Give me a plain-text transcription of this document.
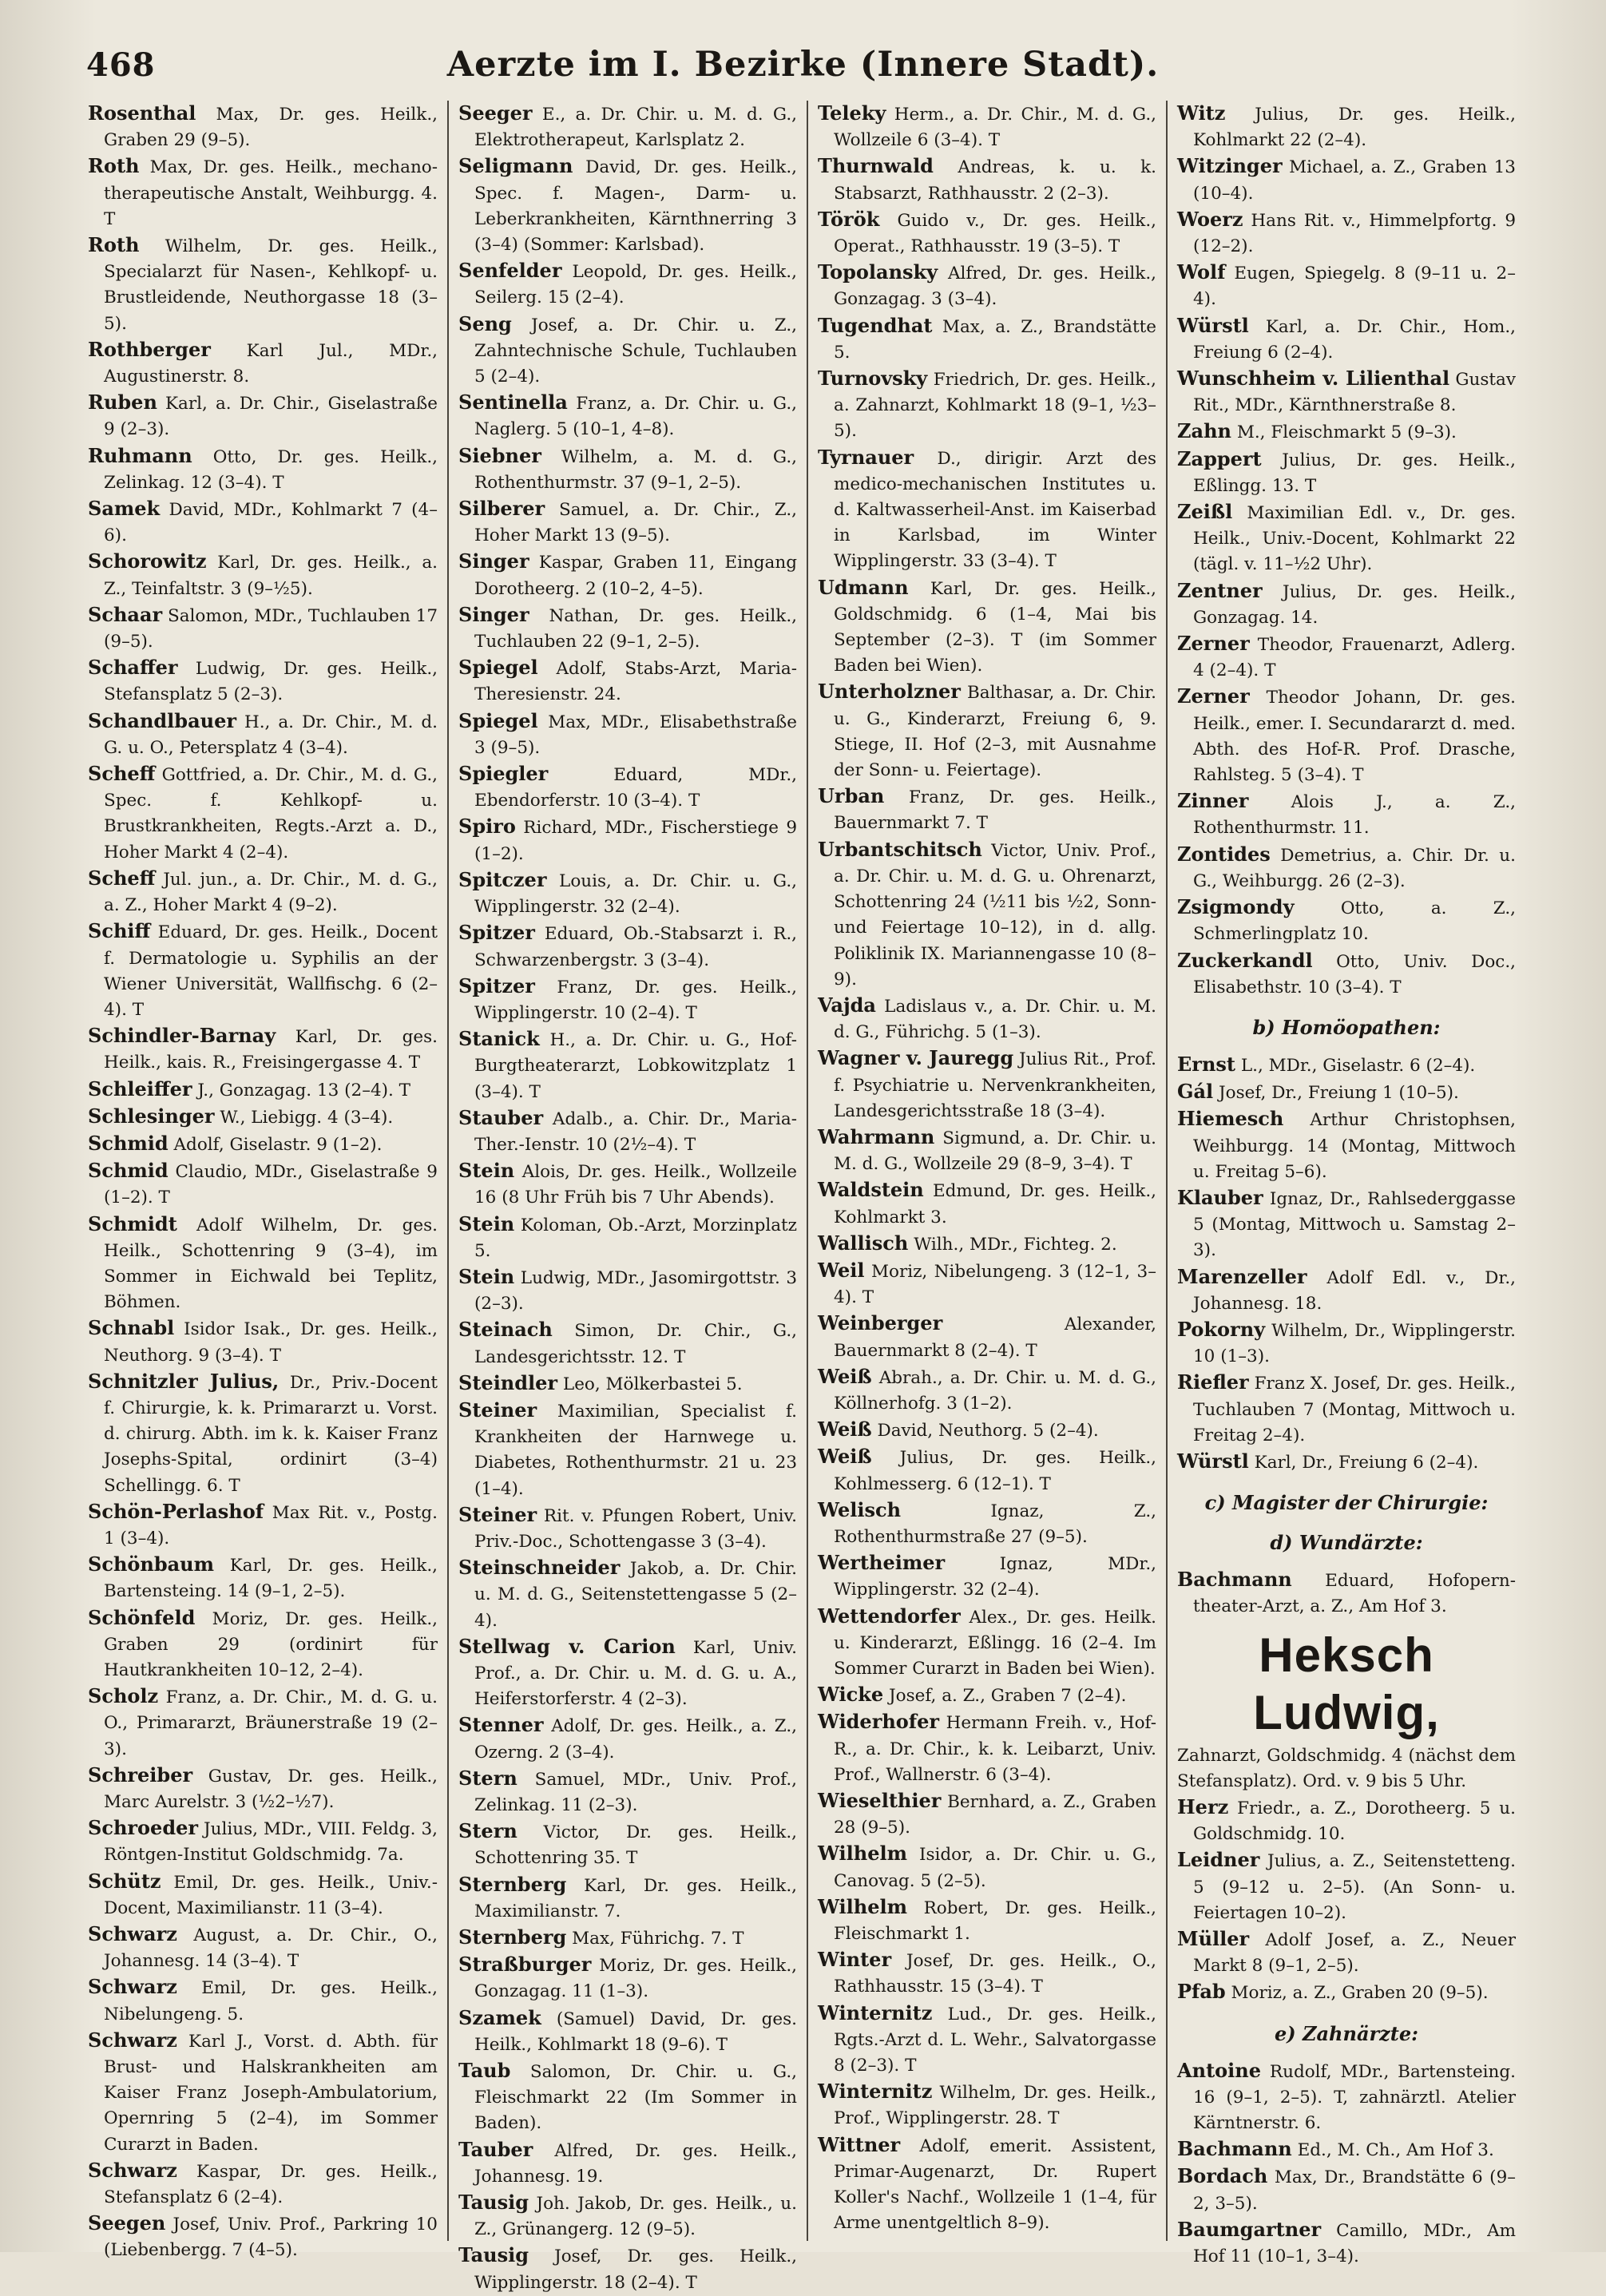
468	Aerzte im I. Bezirke (Innere Stadt).

Rosenthal Max, Dr. ges. Heilk., Graben 29 (9–5).

Roth Max, Dr. ges. Heilk., mechano-therapeutische Anstalt, Weihburgg. 4. T

Roth Wilhelm, Dr. ges. Heilk., Specialarzt für Nasen-, Kehlkopf- u. Brustleidende, Neuthorgasse 18 (3–5).

Rothberger Karl Jul., MDr., Augustinerstr. 8.

Ruben Karl, a. Dr. Chir., Giselastraße 9 (2–3).

Ruhmann Otto, Dr. ges. Heilk., Zelinkag. 12 (3–4). T

Samek David, MDr., Kohlmarkt 7 (4–6).

Schorowitz Karl, Dr. ges. Heilk., a. Z., Teinfaltstr. 3 (9–½5).

Schaar Salomon, MDr., Tuchlauben 17 (9–5).

Schaffer Ludwig, Dr. ges. Heilk., Stefansplatz 5 (2–3).

Schandlbauer H., a. Dr. Chir., M. d. G. u. O., Petersplatz 4 (3–4).

Scheff Gottfried, a. Dr. Chir., M. d. G., Spec. f. Kehlkopf- u. Brustkrankheiten, Regts.-Arzt a. D., Hoher Markt 4 (2–4).

Scheff Jul. jun., a. Dr. Chir., M. d. G., a. Z., Hoher Markt 4 (9–2).

Schiff Eduard, Dr. ges. Heilk., Docent f. Dermatologie u. Syphilis an der Wiener Universität, Wallfischg. 6 (2–4). T

Schindler-Barnay Karl, Dr. ges. Heilk., kais. R., Freisingergasse 4. T

Schleiffer J., Gonzagag. 13 (2–4). T

Schlesinger W., Liebigg. 4 (3–4).

Schmid Adolf, Giselastr. 9 (1–2).

Schmid Claudio, MDr., Giselastraße 9 (1–2). T

Schmidt Adolf Wilhelm, Dr. ges. Heilk., Schottenring 9 (3–4), im Sommer in Eichwald bei Teplitz, Böhmen.

Schnabl Isidor Isak., Dr. ges. Heilk., Neuthorg. 9 (3–4). T

Schnitzler Julius, Dr., Priv.-Docent f. Chirurgie, k. k. Primararzt u. Vorst. d. chirurg. Abth. im k. k. Kaiser Franz Josephs-Spital, ordinirt (3–4) Schellingg. 6. T

Schön-Perlashof Max Rit. v., Postg. 1 (3–4).

Schönbaum Karl, Dr. ges. Heilk., Bartensteing. 14 (9–1, 2–5).

Schönfeld Moriz, Dr. ges. Heilk., Graben 29 (ordinirt für Hautkrankheiten 10–12, 2–4).

Scholz Franz, a. Dr. Chir., M. d. G. u. O., Primararzt, Bräunerstraße 19 (2–3).

Schreiber Gustav, Dr. ges. Heilk., Marc Aurelstr. 3 (½2–½7).

Schroeder Julius, MDr., VIII. Feldg. 3, Röntgen-Institut Goldschmidg. 7a.

Schütz Emil, Dr. ges. Heilk., Univ.-Docent, Maximilianstr. 11 (3–4).

Schwarz August, a. Dr. Chir., O., Johannesg. 14 (3–4). T

Schwarz Emil, Dr. ges. Heilk., Nibelungeng. 5.

Schwarz Karl J., Vorst. d. Abth. für Brust- und Halskrankheiten am Kaiser Franz Joseph-Ambulatorium, Opernring 5 (2–4), im Sommer Curarzt in Baden.

Schwarz Kaspar, Dr. ges. Heilk., Stefansplatz 6 (2–4).

Seegen Josef, Univ. Prof., Parkring 10 (Liebenbergg. 7 (4–5).

Seeger E., a. Dr. Chir. u. M. d. G., Elektrotherapeut, Karlsplatz 2.

Seligmann David, Dr. ges. Heilk., Spec. f. Magen-, Darm- u. Leberkrankheiten, Kärnthnerring 3 (3–4) (Sommer: Karlsbad).

Senfelder Leopold, Dr. ges. Heilk., Seilerg. 15 (2–4).

Seng Josef, a. Dr. Chir. u. Z., Zahntechnische Schule, Tuchlauben 5 (2–4).

Sentinella Franz, a. Dr. Chir. u. G., Naglerg. 5 (10–1, 4–8).

Siebner Wilhelm, a. M. d. G., Rothenthurmstr. 37 (9–1, 2–5).

Silberer Samuel, a. Dr. Chir., Z., Hoher Markt 13 (9–5).

Singer Kaspar, Graben 11, Eingang Dorotheerg. 2 (10–2, 4–5).

Singer Nathan, Dr. ges. Heilk., Tuchlauben 22 (9–1, 2–5).

Spiegel Adolf, Stabs-Arzt, Maria-Theresienstr. 24.

Spiegel Max, MDr., Elisabethstraße 3 (9–5).

Spiegler	Eduard, MDr., Ebendorferstr. 10 (3–4). T

Spiro Richard, MDr., Fischerstiege 9 (1–2).

Spitczer Louis, a. Dr. Chir. u. G., Wipplingerstr. 32 (2–4).

Spitzer Eduard, Ob.-Stabsarzt i. R., Schwarzenbergstr. 3 (3–4).

Spitzer Franz, Dr. ges. Heilk., Wipplingerstr. 10 (2–4). T

Stanick H., a. Dr. Chir. u. G., Hof-Burgtheaterarzt, Lobkowitzplatz 1 (3–4). T

Stauber Adalb., a. Chir. Dr., Maria-Ther.-Ienstr. 10 (2½–4). T

Stein Alois, Dr. ges. Heilk., Wollzeile 16 (8 Uhr Früh bis 7 Uhr Abends).

Stein Koloman, Ob.-Arzt, Morzinplatz 5.

Stein Ludwig, MDr., Jasomirgottstr. 3 (2–3).

Steinach Simon, Dr. Chir., G., Landesgerichtsstr. 12. T

Steindler Leo, Mölkerbastei 5.

Steiner Maximilian, Specialist f. Krankheiten der Harnwege u. Diabetes, Rothenthurmstr. 21 u. 23 (1–4).

Steiner Rit. v. Pfungen Robert, Univ. Priv.-Doc., Schottengasse 3 (3–4).

Steinschneider Jakob, a. Dr. Chir. u. M. d. G., Seitenstettengasse 5 (2–4).

Stellwag v. Carion Karl, Univ. Prof., a. Dr. Chir. u. M. d. G. u. A., Heiferstorferstr. 4 (2–3).

Stenner Adolf, Dr. ges. Heilk., a. Z., Ozerng. 2 (3–4).

Stern Samuel, MDr., Univ. Prof., Zelinkag. 11 (2–3).

Stern Victor, Dr. ges. Heilk., Schottenring 35. T

Sternberg Karl, Dr. ges. Heilk., Maximilianstr. 7.

Sternberg Max, Führichg. 7. T

Straßburger Moriz, Dr. ges. Heilk., Gonzagag. 11 (1–3).

Szamek (Samuel) David, Dr. ges. Heilk., Kohlmarkt 18 (9–6). T

Taub Salomon, Dr. Chir. u. G., Fleischmarkt 22 (Im Sommer in Baden).

Tauber Alfred, Dr. ges. Heilk., Johannesg. 19.

Tausig Joh. Jakob, Dr. ges. Heilk., u. Z., Grünangerg. 12 (9–5).

Tausig Josef, Dr. ges. Heilk., Wipplingerstr. 18 (2–4). T

Teleky Herm., a. Dr. Chir., M. d. G., Wollzeile 6 (3–4). T

Thurnwald Andreas, k. u. k. Stabsarzt, Rathhausstr. 2 (2–3).

Török Guido v., Dr. ges. Heilk., Operat., Rathhausstr. 19 (3–5). T

Topolansky Alfred, Dr. ges. Heilk., Gonzagag. 3 (3–4).

Tugendhat Max, a. Z., Brandstätte 5.

Turnovsky Friedrich, Dr. ges. Heilk., a. Zahnarzt, Kohlmarkt 18 (9–1, ½3–5).

Tyrnauer D., dirigir. Arzt des medico-mechanischen Institutes u. d. Kaltwasserheil-Anst. im Kaiserbad in Karlsbad, im Winter Wipplingerstr. 33 (3–4). T

Udmann Karl, Dr. ges. Heilk., Goldschmidg. 6 (1–4, Mai bis September (2–3). T (im Sommer Baden bei Wien).

Unterholzner Balthasar, a. Dr. Chir. u. G., Kinderarzt, Freiung 6, 9. Stiege, II. Hof (2–3, mit Ausnahme der Sonn- u. Feiertage).

Urban Franz, Dr. ges. Heilk., Bauernmarkt 7. T

Urbantschitsch Victor, Univ. Prof., a. Dr. Chir. u. M. d. G. u. Ohrenarzt, Schottenring 24 (½11 bis ½2, Sonn- und Feiertage 10–12), in d. allg. Poliklinik IX. Mariannengasse 10 (8–9).

Vajda Ladislaus v., a. Dr. Chir. u. M. d. G., Führichg. 5 (1–3).

Wagner v. Jauregg Julius Rit., Prof. f. Psychiatrie u. Nervenkrankheiten, Landesgerichtsstraße 18 (3–4).

Wahrmann Sigmund, a. Dr. Chir. u. M. d. G., Wollzeile 29 (8–9, 3–4). T

Waldstein Edmund, Dr. ges. Heilk., Kohlmarkt 3.

Wallisch Wilh., MDr., Fichteg. 2.

Weil Moriz, Nibelungeng. 3 (12–1, 3–4). T

Weinberger	Alexander, Bauernmarkt 8 (2–4). T

Weiß Abrah., a. Dr. Chir. u. M. d. G., Köllnerhofg. 3 (1–2).

Weiß David, Neuthorg. 5 (2–4).

Weiß Julius, Dr. ges. Heilk., Kohlmesserg. 6 (12–1). T

Welisch	Ignaz, Z., Rothenthurmstraße 27 (9–5).

Wertheimer	Ignaz, MDr., Wipplingerstr. 32 (2–4).

Wettendorfer Alex., Dr. ges. Heilk. u. Kinderarzt, Eßlingg. 16 (2–4. Im Sommer Curarzt in Baden bei Wien).

Wicke Josef, a. Z., Graben 7 (2–4).

Widerhofer Hermann Freih. v., Hof-R., a. Dr. Chir., k. k. Leibarzt, Univ. Prof., Wallnerstr. 6 (3–4).

Wieselthier Bernhard, a. Z., Graben 28 (9–5).

Wilhelm Isidor, a. Dr. Chir. u. G., Canovag. 5 (2–5).

Wilhelm Robert, Dr. ges. Heilk., Fleischmarkt 1.

Winter Josef, Dr. ges. Heilk., O., Rathhausstr. 15 (3–4). T

Winternitz Lud., Dr. ges. Heilk., Rgts.-Arzt d. L. Wehr., Salvatorgasse 8 (2–3). T

Winternitz Wilhelm, Dr. ges. Heilk., Prof., Wipplingerstr. 28. T

Wittner Adolf, emerit. Assistent, Primar-Augenarzt, Dr. Rupert Koller's Nachf., Wollzeile 1 (1–4, für Arme unentgeltlich 8–9).

Witz Julius, Dr. ges. Heilk., Kohlmarkt 22 (2–4).

Witzinger Michael, a. Z., Graben 13 (10–4).

Woerz Hans Rit. v., Himmelpfortg. 9 (12–2).

Wolf Eugen, Spiegelg. 8 (9–11 u. 2–4).

Würstl Karl, a. Dr. Chir., Hom., Freiung 6 (2–4).

Wunschheim v. Lilienthal Gustav Rit., MDr., Kärnthnerstraße 8.

Zahn M., Fleischmarkt 5 (9–3).

Zappert Julius, Dr. ges. Heilk., Eßlingg. 13. T

Zeißl Maximilian Edl. v., Dr. ges. Heilk., Univ.-Docent, Kohlmarkt 22 (tägl. v. 11–½2 Uhr).

Zentner Julius, Dr. ges. Heilk., Gonzagag. 14.

Zerner Theodor, Frauenarzt, Adlerg. 4 (2–4). T

Zerner Theodor Johann, Dr. ges. Heilk., emer. I. Secundararzt d. med. Abth. des Hof-R. Prof. Drasche, Rahlsteg. 5 (3–4). T

Zinner Alois J., a. Z., Rothenthurmstr. 11.

Zontides Demetrius, a. Chir. Dr. u. G., Weihburgg. 26 (2–3).

Zsigmondy	Otto, a. Z., Schmerlingplatz 10.

Zuckerkandl Otto, Univ. Doc., Elisabethstr. 10 (3–4). T

b) Homöopathen:

Ernst L., MDr., Giselastr. 6 (2–4).

Gál Josef, Dr., Freiung 1 (10–5).

Hiemesch Arthur Christophsen, Weihburgg. 14 (Montag, Mittwoch u. Freitag 5–6).

Klauber Ignaz, Dr., Rahlsederggasse 5 (Montag, Mittwoch u. Samstag 2–3).

Marenzeller Adolf Edl. v., Dr., Johannesg. 18.

Pokorny Wilhelm, Dr., Wipplingerstr. 10 (1–3).

Riefler Franz X. Josef, Dr. ges. Heilk., Tuchlauben 7 (Montag, Mittwoch u. Freitag 2–4).

Würstl Karl, Dr., Freiung 6 (2–4).

c) Magister der Chirurgie:
d) Wundärzte:

Bachmann Eduard, Hofopern-theater-Arzt, a. Z., Am Hof 3.

Heksch Ludwig,
Zahnarzt, Goldschmidg. 4 (nächst dem Stefansplatz). Ord. v. 9 bis 5 Uhr.

Herz Friedr., a. Z., Dorotheerg. 5 u. Goldschmidg. 10.

Leidner Julius, a. Z., Seitenstetteng. 5 (9–12 u. 2–5). (An Sonn- u. Feiertagen 10–2).

Müller Adolf Josef, a. Z., Neuer Markt 8 (9–1, 2–5).

Pfab Moriz, a. Z., Graben 20 (9–5).

e) Zahnärzte:

Antoine Rudolf, MDr., Bartensteing. 16 (9–1, 2–5). T, zahnärztl. Atelier Kärntnerstr. 6.

Bachmann Ed., M. Ch., Am Hof 3.

Bordach Max, Dr., Brandstätte 6 (9–2, 3–5).

Baumgartner Camillo, MDr., Am Hof 11 (10–1, 3–4).
